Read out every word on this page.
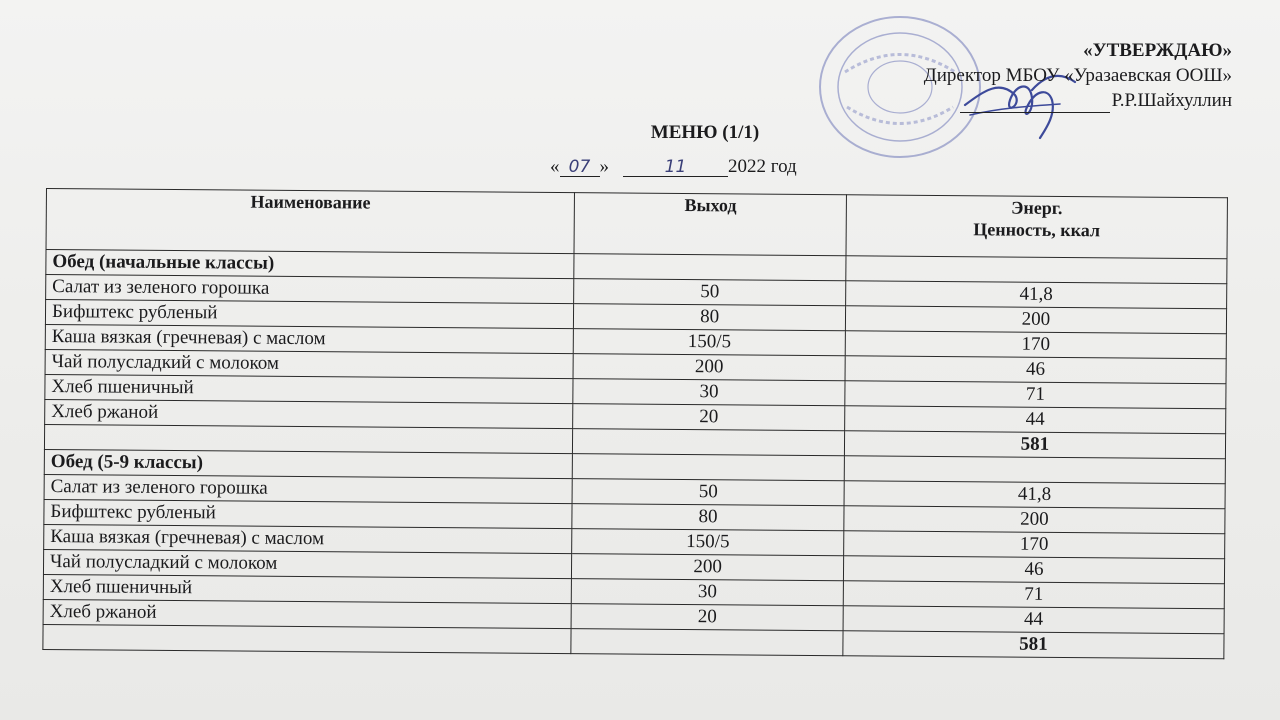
«УТВЕРЖДАЮ»
Директор МБОУ «Уразаевская ООШ»
Р.Р.Шайхуллин
МЕНЮ (1/1)
« 07 »	11 2022 год
Наименование	Выход	Энерг.
Ценность, ккал

Обед (начальные классы)		
Салат из зеленого горошка	50	41,8
Бифштекс рубленый	80	200
Каша вязкая (гречневая) с маслом	150/5	170
Чай полусладкий с молоком	200	46
Хлеб пшеничный	30	71
Хлеб ржаной	20	44
		581
Обед (5-9 классы)		
Салат из зеленого горошка	50	41,8
Бифштекс рубленый	80	200
Каша вязкая (гречневая) с маслом	150/5	170
Чай полусладкий с молоком	200	46
Хлеб пшеничный	30	71
Хлеб ржаной	20	44
		581
